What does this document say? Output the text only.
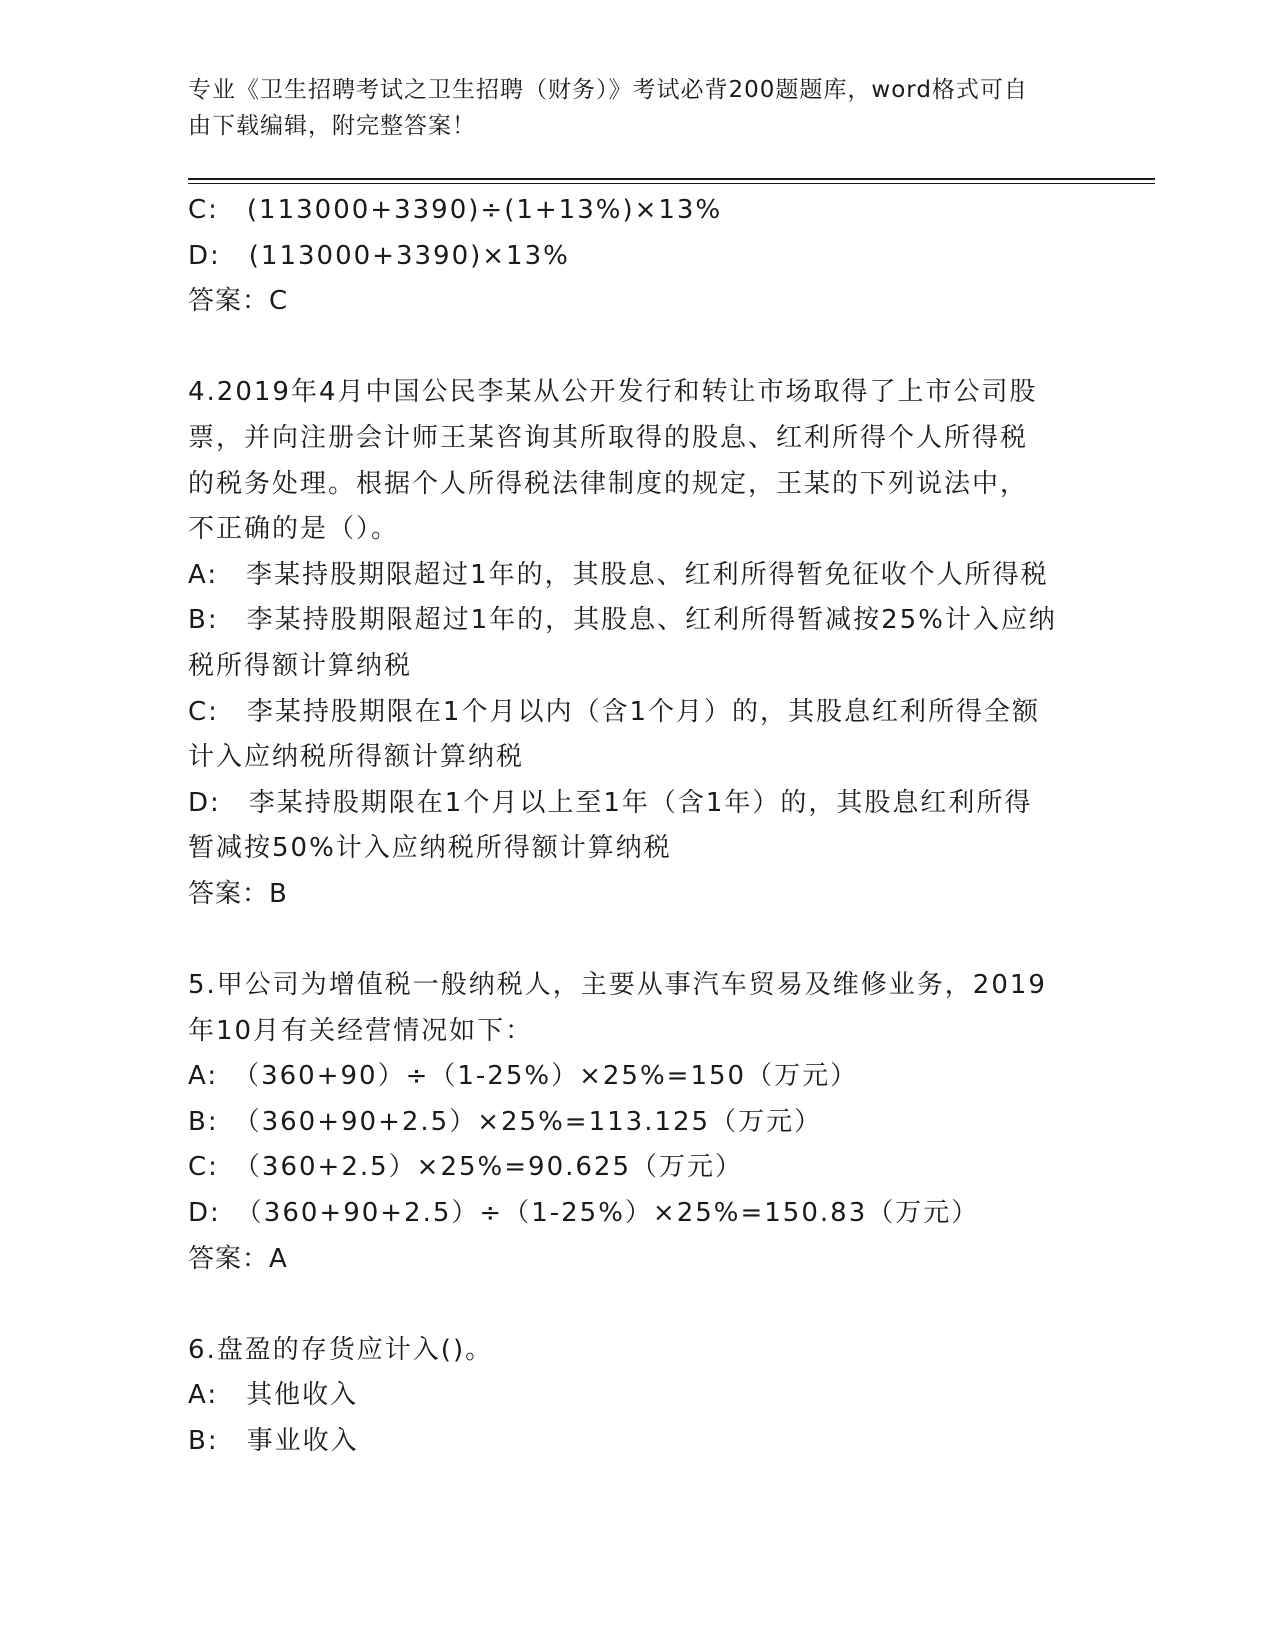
专业《卫生招聘考试之卫生招聘（财务）》考试必背200题题库，word格式可自
由下载编辑，附完整答案！
C:　(113000+3390)÷(1+13%)×13%
D:　(113000+3390)×13%
答案：C
4.2019年4月中国公民李某从公开发行和转让市场取得了上市公司股
票，并向注册会计师王某咨询其所取得的股息、红利所得个人所得税
的税务处理。根据个人所得税法律制度的规定，王某的下列说法中，
不正确的是（）。
A:　李某持股期限超过1年的，其股息、红利所得暂免征收个人所得税
B:　李某持股期限超过1年的，其股息、红利所得暂减按25%计入应纳
税所得额计算纳税
C:　李某持股期限在1个月以内（含1个月）的，其股息红利所得全额
计入应纳税所得额计算纳税
D:　李某持股期限在1个月以上至1年（含1年）的，其股息红利所得
暂减按50%计入应纳税所得额计算纳税
答案：B
5.甲公司为增值税一般纳税人，主要从事汽车贸易及维修业务，2019
年10月有关经营情况如下：
A:　（360+90）÷（1-25%）×25%=150（万元）
B:　（360+90+2.5）×25%=113.125（万元）
C:　（360+2.5）×25%=90.625（万元）
D:　（360+90+2.5）÷（1-25%）×25%=150.83（万元）
答案：A
6.盘盈的存货应计入()。
A:　其他收入
B:　事业收入
